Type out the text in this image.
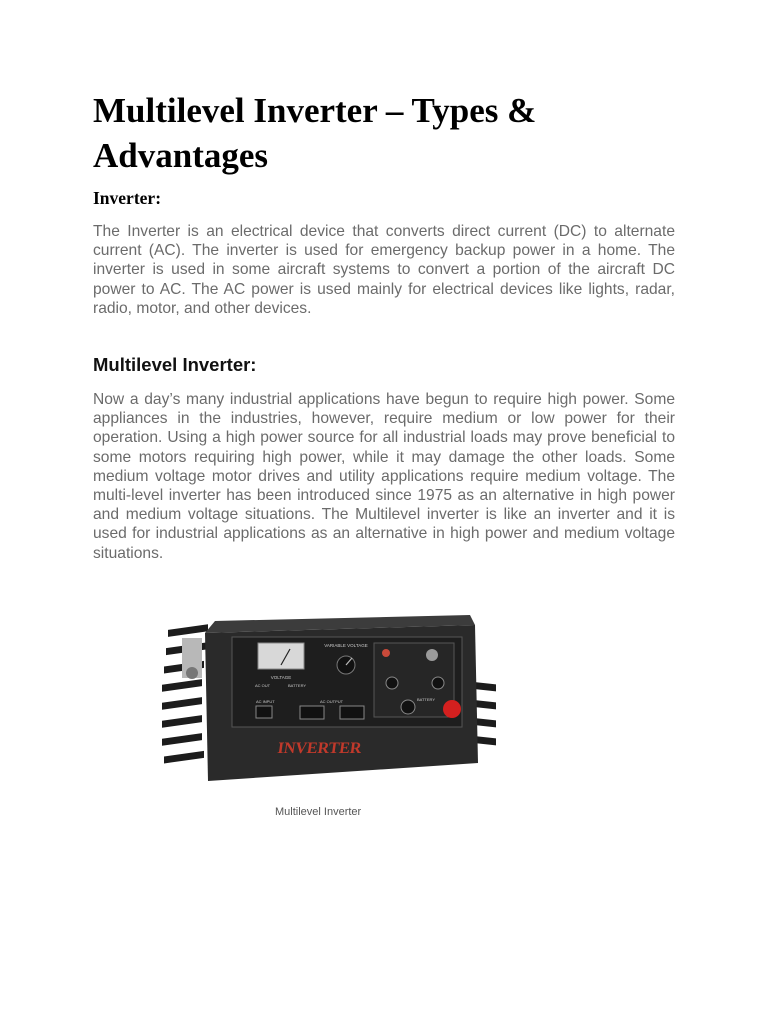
Multilevel Inverter – Types & Advantages
Inverter:

The Inverter is an electrical device that converts direct current (DC) to alternate current (AC). The inverter is used for emergency backup power in a home. The inverter is used in some aircraft systems to convert a portion of the aircraft DC power to AC. The AC power is used mainly for electrical devices like lights, radar, radio, motor, and other devices.

Multilevel Inverter:

Now a day’s many industrial applications have begun to require high power. Some appliances in the industries, however, require medium or low power for their operation. Using a high power source for all industrial loads may prove beneficial to some motors requiring high power, while it may damage the other loads. Some medium voltage motor drives and utility applications require medium voltage. The multi-level inverter has been introduced since 1975 as an alternative in high power and medium voltage situations. The Multilevel inverter is like an inverter and it is used for industrial applications as an alternative in high power and medium voltage situations.

VOLTAGE
AC OUT	BATTERY
VARIABLE VOLTAGE
BATTERY
AC INPUT	AC OUTPUT
INVERTER

Multilevel Inverter
